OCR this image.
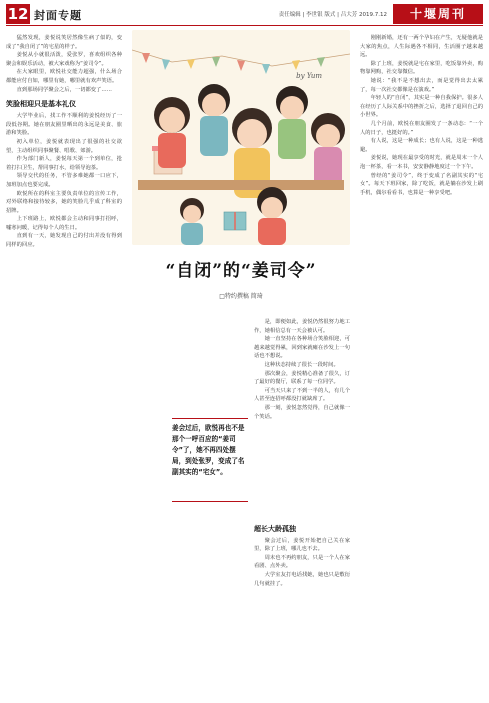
12 封面专题	责任编辑 | 李世银 版式 | 吕大芳 2019.7.12	十堰周刊

猛然发现，姜悦说笑居然像生病了似的，变成了“我自闭了”的宅星的样子。

姜悦从小就很活泼，爱张罗，喜欢组织各种聚会和娱乐活动，被大家戏称为“姜司令”。

在大家眼里，欧悦社交能力超强，什么场合都能应付自如，哪里有她，哪里就有欢声笑语。

直到那场同学聚会之后，一切都变了……

笑脸相迎只是基本礼仪

大学毕业后，找工作不顺利的姜悦经历了一段低谷期。她在朋友圈里晒出的永远是美食、旅游和笑脸。

初入单位，姜悦就表现出了很强的社交欲望，主动组织同事聚餐、唱歌、郊游。

作为部门新人，姜悦每天第一个到单位，抢着打扫卫生，帮同事打水，给领导泡茶。

领导交代的任务，不管多难她都一口应下，加班加点也要完成。

欧悦所在的科室主要负责单位的宣传工作，对外联络和接待较多，她的笑脸几乎成了科室的招牌。

上下班路上，欧悦都会主动和同事打招呼，嘘寒问暖，记得每个人的生日。

直到有一天，她发现自己的付出并没有得到同样的回应。

by Yum
“自闭”的“姜司令”
□特约撰稿 简琦

是，即便如此，姜悦仍然很努力地工作，她相信总有一天会被认可。

她一直坚持在各种场合笑脸相迎，可越来越觉得累，回到家就瘫在沙发上一句话也不想说。

这种状态持续了很长一段时间。

那次聚会，姜悦精心准备了很久，订了最好的餐厅，联系了每一位同学。

可当天只来了不到一半的人，有几个人甚至连招呼都没打就缺席了。

那一刻，姜悦忽然觉得，自己就像一个笑话。

姜会过后，欧悦再也不是那个一呼百应的“姜司令”了，她不再四处摆局，到处张罗，变成了名副其实的“宅女”。
超长大龄孤独

聚会过后，姜悦开始把自己关在家里，除了上班，哪儿也不去。

周末也不再约朋友，只是一个人在家看剧、点外卖。

大学室友打电话找她，她也只是敷衍几句就挂了。

刚刚新婚，还有一两个孕妇在产生，无疑他就是大家的焦点，人生际遇各不相同，生活圈子越来越远。

除了上班，姜悦就是宅在家里，吃饭靠外卖，购物靠网购，社交靠微信。

她说：“我不是不想出去，而是觉得出去太累了，每一次社交都像是在演戏。”

年轻人的“自闭”，其实是一种自我保护。很多人在经历了人际关系中的挫折之后，选择了退回自己的小世界。

几个月前，欧悦在朋友圈发了一条动态：“一个人的日子，也挺好的。”

有人说，这是一种成长；也有人说，这是一种逃避。

姜悦说，她现在最享受的时光，就是周末一个人泡一杯茶，看一本书，安安静静地度过一个下午。

曾经的“姜司令”，终于变成了名副其实的“宅女”。每天下班回家，除了吃饭，就是躺在沙发上刷手机，偶尔看看书，也算是一种享受吧。
